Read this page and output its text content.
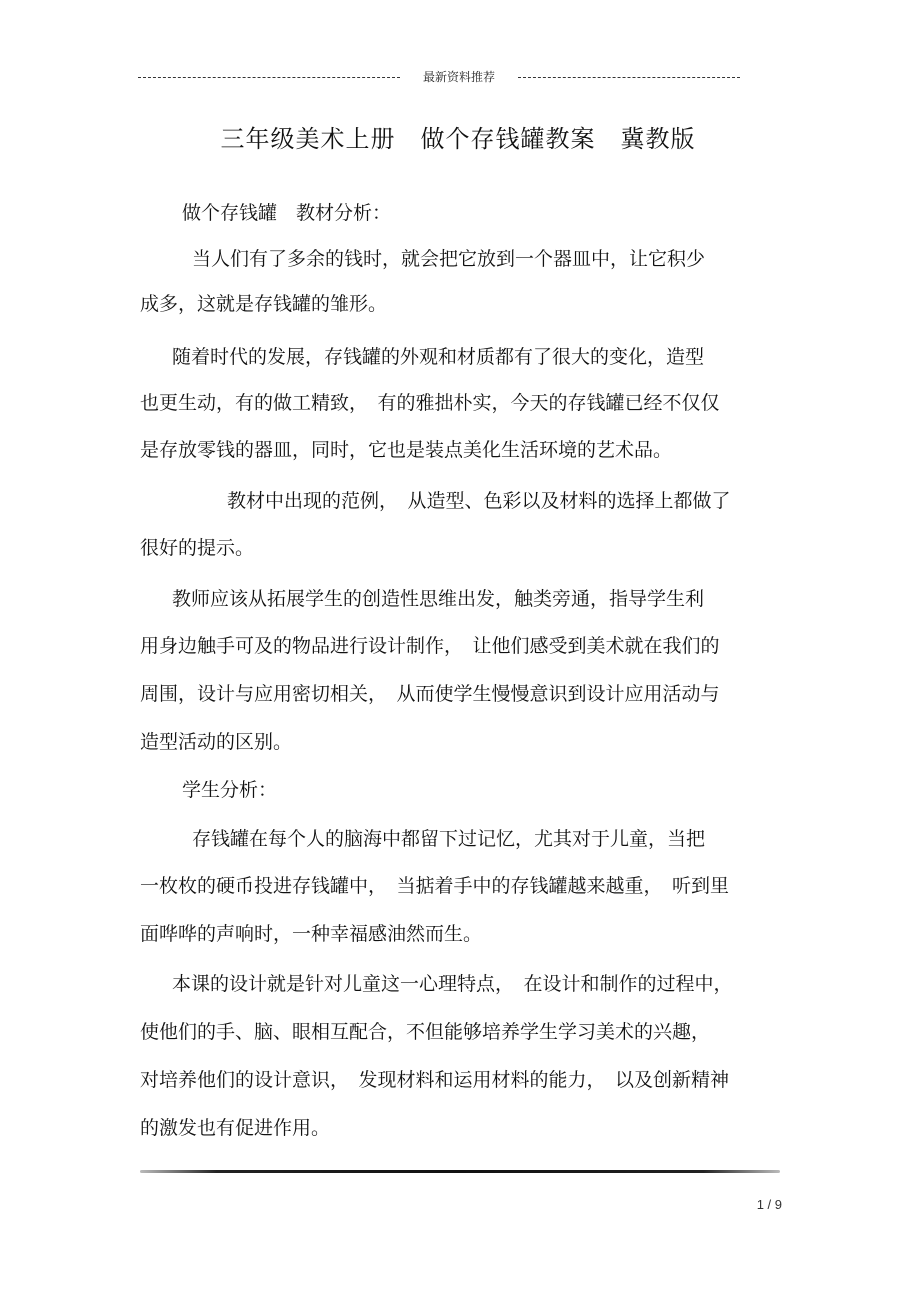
最新资料推荐
三年级美术上册　做个存钱罐教案　冀教版
做个存钱罐　教材分析：
当人们有了多余的钱时，就会把它放到一个器皿中，让它积少
成多，这就是存钱罐的雏形。
随着时代的发展，存钱罐的外观和材质都有了很大的变化，造型
也更生动，有的做工精致，　有的雅拙朴实，今天的存钱罐已经不仅仅
是存放零钱的器皿，同时，它也是装点美化生活环境的艺术品。
教材中出现的范例，　从造型、色彩以及材料的选择上都做了
很好的提示。
教师应该从拓展学生的创造性思维出发，触类旁通，指导学生利
用身边触手可及的物品进行设计制作，　让他们感受到美术就在我们的
周围，设计与应用密切相关，　从而使学生慢慢意识到设计应用活动与
造型活动的区别。
学生分析：
存钱罐在每个人的脑海中都留下过记忆，尤其对于儿童，当把
一枚枚的硬币投进存钱罐中，　当掂着手中的存钱罐越来越重，　听到里
面哗哗的声响时，一种幸福感油然而生。
本课的设计就是针对儿童这一心理特点，　在设计和制作的过程中，
使他们的手、脑、眼相互配合，不但能够培养学生学习美术的兴趣，
对培养他们的设计意识，　发现材料和运用材料的能力，　以及创新精神
的激发也有促进作用。
1 / 9
